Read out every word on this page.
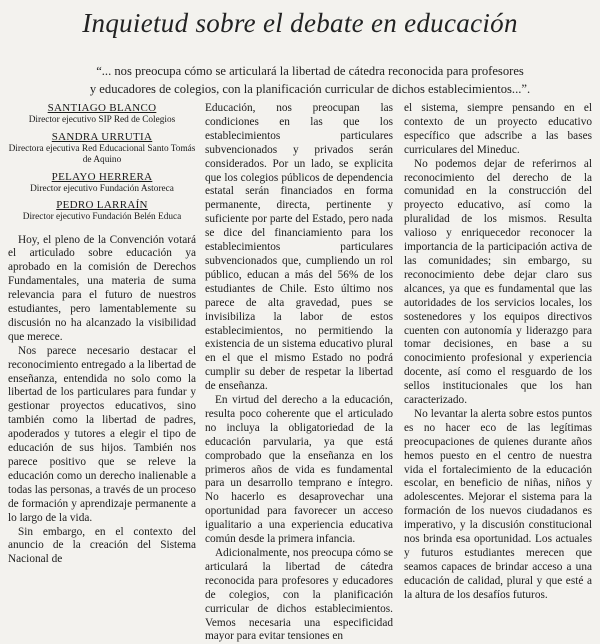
Inquietud sobre el debate en educación
“... nos preocupa cómo se articulará la libertad de cátedra reconocida para profesores
y educadores de colegios, con la planificación curricular de dichos establecimientos...”.
SANTIAGO BLANCO
Director ejecutivo SIP Red de Colegios
SANDRA URRUTIA
Directora ejecutiva Red Educacional Santo Tomás de Aquino
PELAYO HERRERA
Director ejecutivo Fundación Astoreca
PEDRO LARRAÍN
Director ejecutivo Fundación Belén Educa

Hoy, el pleno de la Convención votará el articulado sobre educación ya aprobado en la comisión de Derechos Fundamentales, una materia de suma relevancia para el futuro de nuestros estudiantes, pero lamentablemente su discusión no ha alcanzado la visibilidad que merece.

Nos parece necesario destacar el reconocimiento entregado a la libertad de enseñanza, entendida no solo como la libertad de los particulares para fundar y gestionar proyectos educativos, sino también como la libertad de padres, apoderados y tutores a elegir el tipo de educación de sus hijos. También nos parece positivo que se releve la educación como un derecho inalienable a todas las personas, a través de un proceso de formación y aprendizaje permanente a lo largo de la vida.

Sin embargo, en el contexto del anuncio de la creación del Sistema Nacional de

Educación, nos preocupan las condiciones en las que los establecimientos particulares subvencionados y privados serán considerados. Por un lado, se explicita que los colegios públicos de dependencia estatal serán financiados en forma permanente, directa, pertinente y suficiente por parte del Estado, pero nada se dice del financiamiento para los establecimientos particulares subvencionados que, cumpliendo un rol público, educan a más del 56% de los estudiantes de Chile. Esto último nos parece de alta gravedad, pues se invisibiliza la labor de estos establecimientos, no permitiendo la existencia de un sistema educativo plural en el que el mismo Estado no podrá cumplir su deber de respetar la libertad de enseñanza.

En virtud del derecho a la educación, resulta poco coherente que el articulado no incluya la obligatoriedad de la educación parvularia, ya que está comprobado que la enseñanza en los primeros años de vida es fundamental para un desarrollo temprano e íntegro. No hacerlo es desaprovechar una oportunidad para favorecer un acceso igualitario a una experiencia educativa común desde la primera infancia.

Adicionalmente, nos preocupa cómo se articulará la libertad de cátedra reconocida para profesores y educadores de colegios, con la planificación curricular de dichos establecimientos. Vemos necesaria una especificidad mayor para evitar tensiones en

el sistema, siempre pensando en el contexto de un proyecto educativo específico que adscribe a las bases curriculares del Mineduc.

No podemos dejar de referirnos al reconocimiento del derecho de la comunidad en la construcción del proyecto educativo, así como la pluralidad de los mismos. Resulta valioso y enriquecedor reconocer la importancia de la participación activa de las comunidades; sin embargo, su reconocimiento debe dejar claro sus alcances, ya que es fundamental que las autoridades de los servicios locales, los sostenedores y los equipos directivos cuenten con autonomía y liderazgo para tomar decisiones, en base a su conocimiento profesional y experiencia docente, así como el resguardo de los sellos institucionales que los han caracterizado.

No levantar la alerta sobre estos puntos es no hacer eco de las legítimas preocupaciones de quienes durante años hemos puesto en el centro de nuestra vida el fortalecimiento de la educación escolar, en beneficio de niñas, niños y adolescentes. Mejorar el sistema para la formación de los nuevos ciudadanos es imperativo, y la discusión constitucional nos brinda esa oportunidad. Los actuales y futuros estudiantes merecen que seamos capaces de brindar acceso a una educación de calidad, plural y que esté a la altura de los desafíos futuros.
